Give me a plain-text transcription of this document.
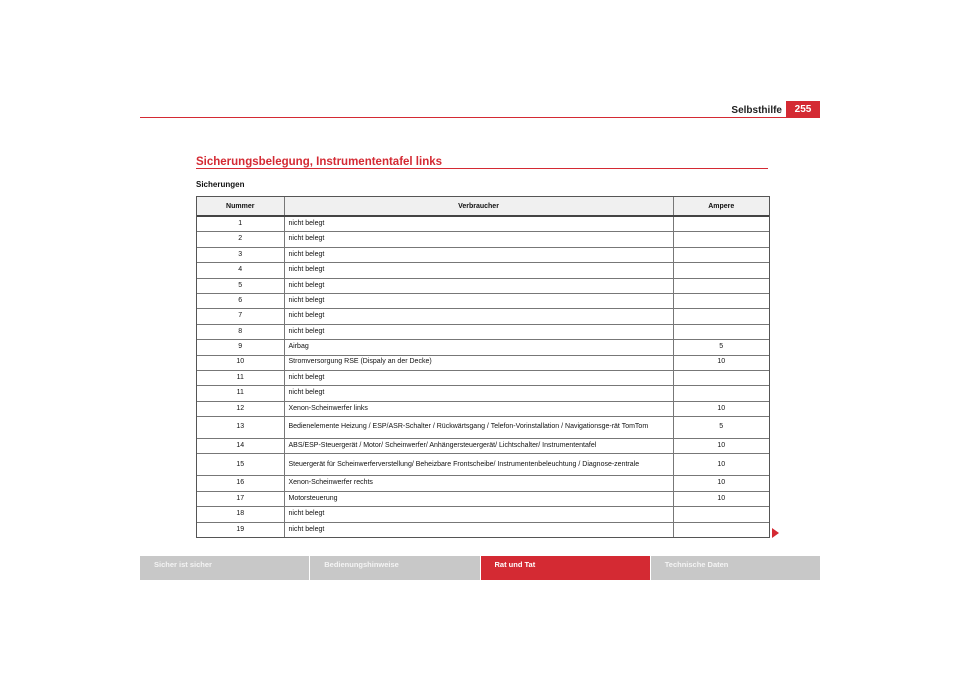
Selbsthilfe	255
Sicherungsbelegung, Instrumententafel links
Sicherungen
Nummer	Verbraucher	Ampere
1	nicht belegt	
2	nicht belegt	
3	nicht belegt	
4	nicht belegt	
5	nicht belegt	
6	nicht belegt	
7	nicht belegt	
8	nicht belegt	
9	Airbag	5
10	Stromversorgung RSE (Dispaly an der Decke)	10
11	nicht belegt	
11	nicht belegt	
12	Xenon-Scheinwerfer links	10
13	Bedienelemente Heizung / ESP/ASR-Schalter / Rückwärtsgang / Telefon-Vorinstallation / Navigationsge-rät TomTom	5
14	ABS/ESP-Steuergerät / Motor/ Scheinwerfer/ Anhängersteuergerät/ Lichtschalter/ Instrumententafel	10
15	Steuergerät für Scheinwerferverstellung/ Beheizbare Frontscheibe/ Instrumentenbeleuchtung / Diagnose-zentrale	10
16	Xenon-Scheinwerfer rechts	10
17	Motorsteuerung	10
18	nicht belegt	
19	nicht belegt	
Sicher ist sicher	Bedienungshinweise	Rat und Tat	Technische Daten
